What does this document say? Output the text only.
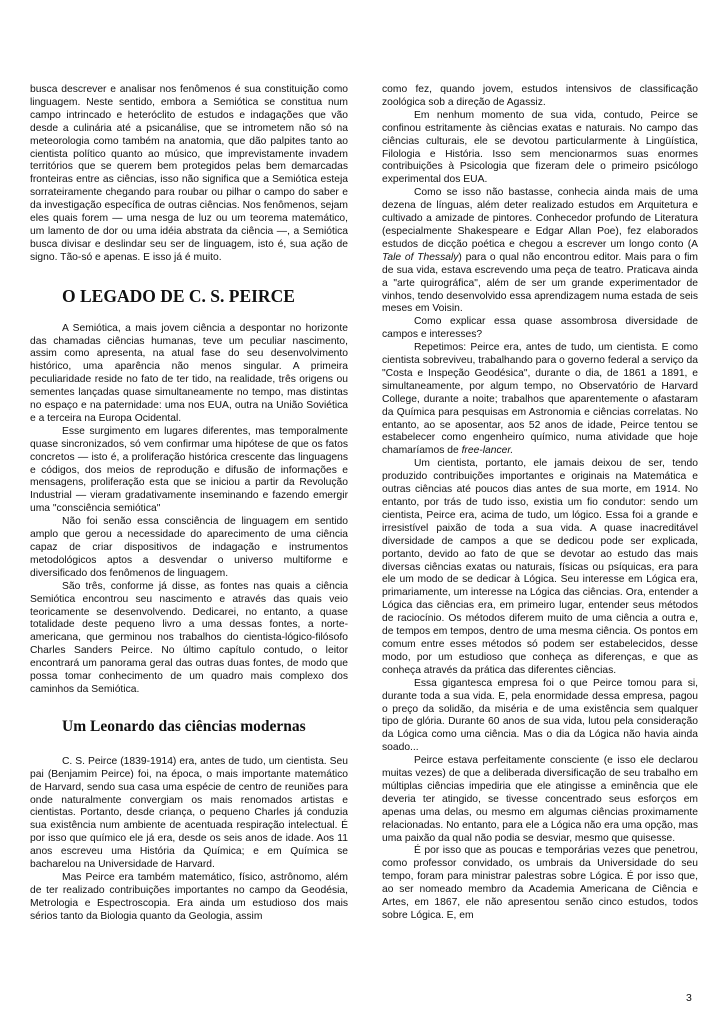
busca descrever e analisar nos fenômenos é sua constituição como linguagem. Neste sentido, embora a Semiótica se constitua num campo intrincado e heteróclito de estudos e indagações que vão desde a culinária até a psicanálise, que se intrometem não só na meteorologia como também na anatomia, que dão palpites tanto ao cientista político quanto ao músico, que imprevistamente invadem territórios que se querem bem protegidos pelas bem demarcadas fronteiras entre as ciências, isso não significa que a Semiótica esteja sorrateiramente chegando para roubar ou pilhar o campo do saber e da investigação específica de outras ciências. Nos fenômenos, sejam eles quais forem — uma nesga de luz ou um teorema matemático, um lamento de dor ou uma idéia abstrata da ciência —, a Semiótica busca divisar e deslindar seu ser de linguagem, isto é, sua ação de signo. Tão-só e apenas. E isso já é muito.

O LEGADO DE C. S. PEIRCE

A Semiótica, a mais jovem ciência a despontar no horizonte das chamadas ciências humanas, teve um peculiar nascimento, assim como apresenta, na atual fase do seu desenvolvimento histórico, uma aparência não menos singular. A primeira peculiaridade reside no fato de ter tido, na realidade, três origens ou sementes lançadas quase simultaneamente no tempo, mas distintas no espaço e na paternidade: uma nos EUA, outra na União Soviética e a terceira na Europa Ocidental.

Esse surgimento em lugares diferentes, mas temporalmente quase sincronizados, só vem confirmar uma hipótese de que os fatos concretos — isto é, a proliferação histórica crescente das linguagens e códigos, dos meios de reprodução e difusão de informações e mensagens, proliferação esta que se iniciou a partir da Revolução Industrial — vieram gradativamente inseminando e fazendo emergir uma "consciência semiótica"

Não foi senão essa consciência de linguagem em sentido amplo que gerou a necessidade do aparecimento de uma ciência capaz de criar dispositivos de indagação e instrumentos metodológicos aptos a desvendar o universo multiforme e diversificado dos fenômenos de linguagem.

São três, conforme já disse, as fontes nas quais a ciência Semiótica encontrou seu nascimento e através das quais veio teoricamente se desenvolvendo. Dedicarei, no entanto, a quase totalidade deste pequeno livro a uma dessas fontes, a norte-americana, que germinou nos trabalhos do cientista-lógico-filósofo Charles Sanders Peirce. No último capítulo contudo, o leitor encontrará um panorama geral das outras duas fontes, de modo que possa tomar conhecimento de um quadro mais complexo dos caminhos da Semiótica.

Um Leonardo das ciências modernas

C. S. Peirce (1839-1914) era, antes de tudo, um cientista. Seu pai (Benjamim Peirce) foi, na época, o mais importante matemático de Harvard, sendo sua casa uma espécie de centro de reuniões para onde naturalmente convergiam os mais renomados artistas e cientistas. Portanto, desde criança, o pequeno Charles já conduzia sua existência num ambiente de acentuada respiração intelectual. É por isso que químico ele já era, desde os seis anos de idade. Aos 11 anos escreveu uma História da Química; e em Química se bacharelou na Universidade de Harvard.

Mas Peirce era também matemático, físico, astrônomo, além de ter realizado contribuições importantes no campo da Geodésia, Metrologia e Espectroscopia. Era ainda um estudioso dos mais sérios tanto da Biologia quanto da Geologia, assim

como fez, quando jovem, estudos intensivos de classificação zoológica sob a direção de Agassiz.

Em nenhum momento de sua vida, contudo, Peirce se confinou estritamente às ciências exatas e naturais. No campo das ciências culturais, ele se devotou particularmente à Lingüística, Filologia e História. Isso sem mencionarmos suas enormes contribuições à Psicologia que fizeram dele o primeiro psicólogo experimental dos EUA.

Como se isso não bastasse, conhecia ainda mais de uma dezena de línguas, além deter realizado estudos em Arquitetura e cultivado a amizade de pintores. Conhecedor profundo de Literatura (especialmente Shakespeare e Edgar Allan Poe), fez elaborados estudos de dicção poética e chegou a escrever um longo conto (A Tale of Thessaly) para o qual não encontrou editor. Mais para o fim de sua vida, estava escrevendo uma peça de teatro. Praticava ainda a "arte quirográfica", além de ser um grande experimentador de vinhos, tendo desenvolvido essa aprendizagem numa estada de seis meses em Voisin.

Como explicar essa quase assombrosa diversidade de campos e interesses?

Repetimos: Peirce era, antes de tudo, um cientista. E como cientista sobreviveu, trabalhando para o governo federal a serviço da "Costa e Inspeção Geodésica", durante o dia, de 1861 a 1891, e simultaneamente, por algum tempo, no Observatório de Harvard College, durante a noite; trabalhos que aparentemente o afastaram da Química para pesquisas em Astronomia e ciências correlatas. No entanto, ao se aposentar, aos 52 anos de idade, Peirce tentou se estabelecer como engenheiro químico, numa atividade que hoje chamaríamos de free-lancer.

Um cientista, portanto, ele jamais deixou de ser, tendo produzido contribuições importantes e originais na Matemática e outras ciências até poucos dias antes de sua morte, em 1914. No entanto, por trás de tudo isso, existia um fio condutor: sendo um cientista, Peirce era, acima de tudo, um lógico. Essa foi a grande e irresistível paixão de toda a sua vida. A quase inacreditável diversidade de campos a que se dedicou pode ser explicada, portanto, devido ao fato de que se devotar ao estudo das mais diversas ciências exatas ou naturais, físicas ou psíquicas, era para ele um modo de se dedicar à Lógica. Seu interesse em Lógica era, primariamente, um interesse na Lógica das ciências. Ora, entender a Lógica das ciências era, em primeiro lugar, entender seus métodos de raciocínio. Os métodos diferem muito de uma ciência a outra e, de tempos em tempos, dentro de uma mesma ciência. Os pontos em comum entre esses métodos só podem ser estabelecidos, desse modo, por um estudioso que conheça as diferenças, e que as conheça através da prática das diferentes ciências.

Essa gigantesca empresa foi o que Peirce tomou para si, durante toda a sua vida. E, pela enormidade dessa empresa, pagou o preço da solidão, da miséria e de uma existência sem qualquer tipo de glória. Durante 60 anos de sua vida, lutou pela consideração da Lógica como uma ciência. Mas o dia da Lógica não havia ainda soado...

Peirce estava perfeitamente consciente (e isso ele declarou muitas vezes) de que a deliberada diversificação de seu trabalho em múltiplas ciências impediria que ele atingisse a eminência que ele deveria ter atingido, se tivesse concentrado seus esforços em apenas uma delas, ou mesmo em algumas ciências proximamente relacionadas. No entanto, para ele a Lógica não era uma opção, mas uma paixão da qual não podia se desviar, mesmo que quisesse.

É por isso que as poucas e temporárias vezes que penetrou, como professor convidado, os umbrais da Universidade do seu tempo, foram para ministrar palestras sobre Lógica. É por isso que, ao ser nomeado membro da Academia Americana de Ciência e Artes, em 1867, ele não apresentou senão cinco estudos, todos sobre Lógica. E, em

3
